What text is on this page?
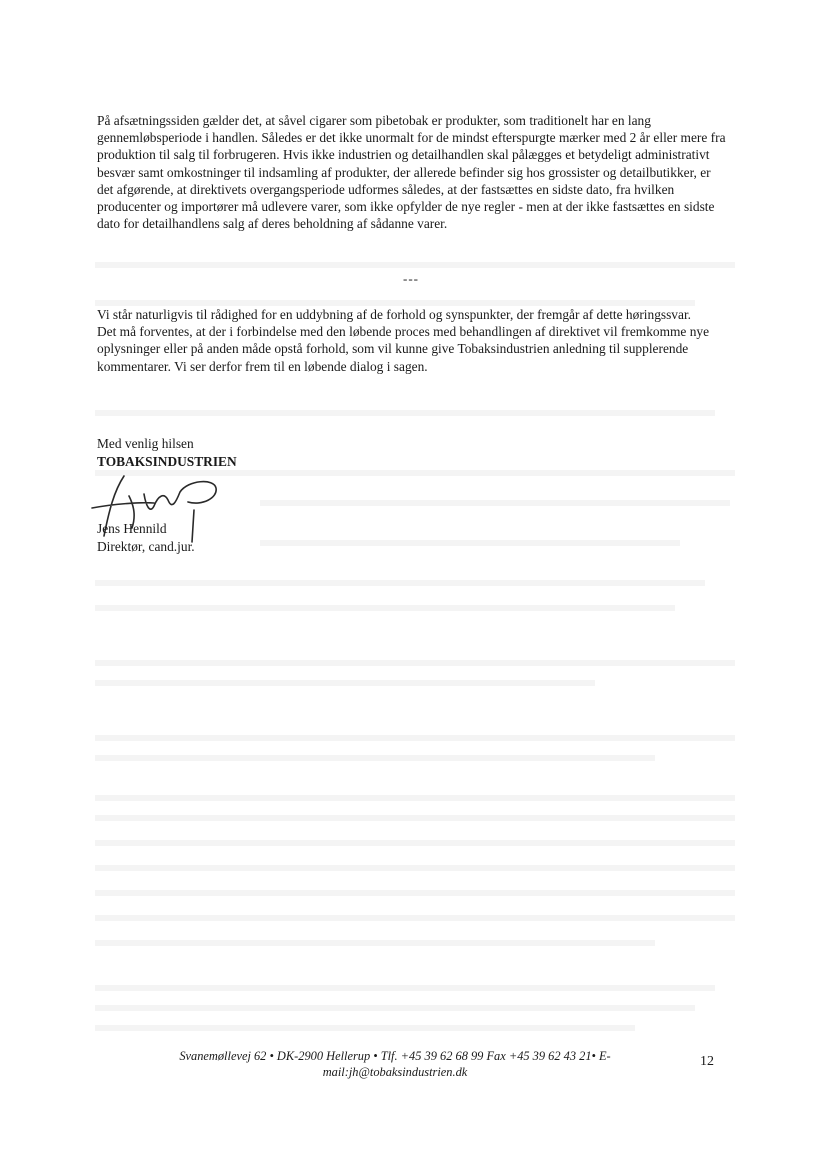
På afsætningssiden gælder det, at såvel cigarer som pibetobak er produkter, som traditionelt har en lang gennemløbsperiode i handlen. Således er det ikke unormalt for de mindst efterspurgte mærker med 2 år eller mere fra produktion til salg til forbrugeren. Hvis ikke industrien og detailhandlen skal pålægges et betydeligt administrativt besvær samt omkostninger til indsamling af produkter, der allerede befinder sig hos grossister og detailbutikker, er det afgørende, at direktivets overgangsperiode udformes således, at der fastsættes en sidste dato, fra hvilken producenter og importører må udlevere varer, som ikke opfylder de nye regler - men at der ikke fastsættes en sidste dato for detailhandlens salg af deres beholdning af sådanne varer.
---
Vi står naturligvis til rådighed for en uddybning af de forhold og synspunkter, der fremgår af dette høringssvar.
Det må forventes, at der i forbindelse med den løbende proces med behandlingen af direktivet vil fremkomme nye oplysninger eller på anden måde opstå forhold, som vil kunne give Tobaksindustrien anledning til supplerende kommentarer. Vi ser derfor frem til en løbende dialog i sagen.
Med venlig hilsen
TOBAKSINDUSTRIEN
Jens Hennild
Direktør, cand.jur.
Svanemøllevej 62 • DK-2900 Hellerup • Tlf. +45 39 62 68 99 Fax +45 39 62 43 21• E-mail:jh@tobaksindustrien.dk
12
